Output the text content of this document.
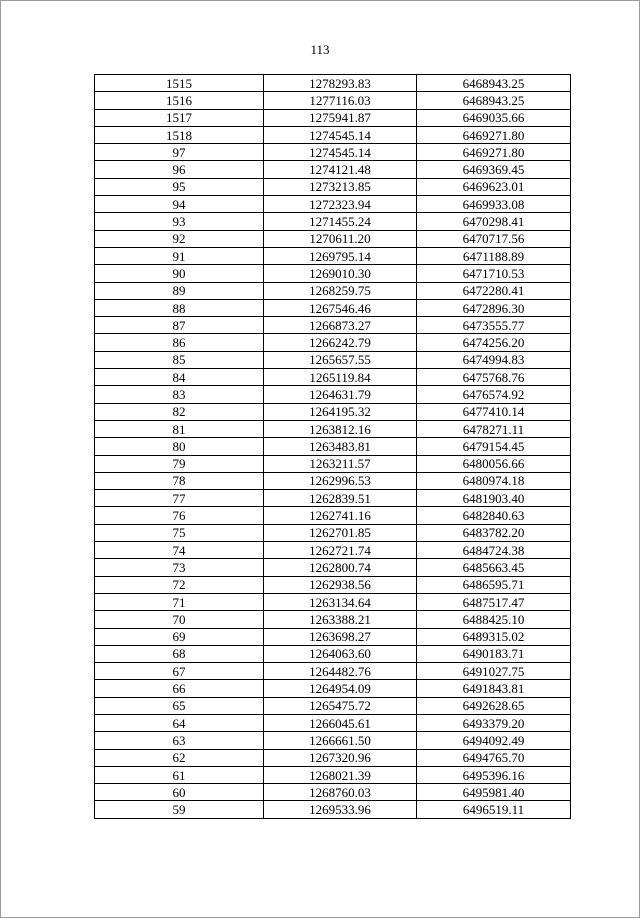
113
1515	1278293.83	6468943.25
1516	1277116.03	6468943.25
1517	1275941.87	6469035.66
1518	1274545.14	6469271.80
97	1274545.14	6469271.80
96	1274121.48	6469369.45
95	1273213.85	6469623.01
94	1272323.94	6469933.08
93	1271455.24	6470298.41
92	1270611.20	6470717.56
91	1269795.14	6471188.89
90	1269010.30	6471710.53
89	1268259.75	6472280.41
88	1267546.46	6472896.30
87	1266873.27	6473555.77
86	1266242.79	6474256.20
85	1265657.55	6474994.83
84	1265119.84	6475768.76
83	1264631.79	6476574.92
82	1264195.32	6477410.14
81	1263812.16	6478271.11
80	1263483.81	6479154.45
79	1263211.57	6480056.66
78	1262996.53	6480974.18
77	1262839.51	6481903.40
76	1262741.16	6482840.63
75	1262701.85	6483782.20
74	1262721.74	6484724.38
73	1262800.74	6485663.45
72	1262938.56	6486595.71
71	1263134.64	6487517.47
70	1263388.21	6488425.10
69	1263698.27	6489315.02
68	1264063.60	6490183.71
67	1264482.76	6491027.75
66	1264954.09	6491843.81
65	1265475.72	6492628.65
64	1266045.61	6493379.20
63	1266661.50	6494092.49
62	1267320.96	6494765.70
61	1268021.39	6495396.16
60	1268760.03	6495981.40
59	1269533.96	6496519.11
